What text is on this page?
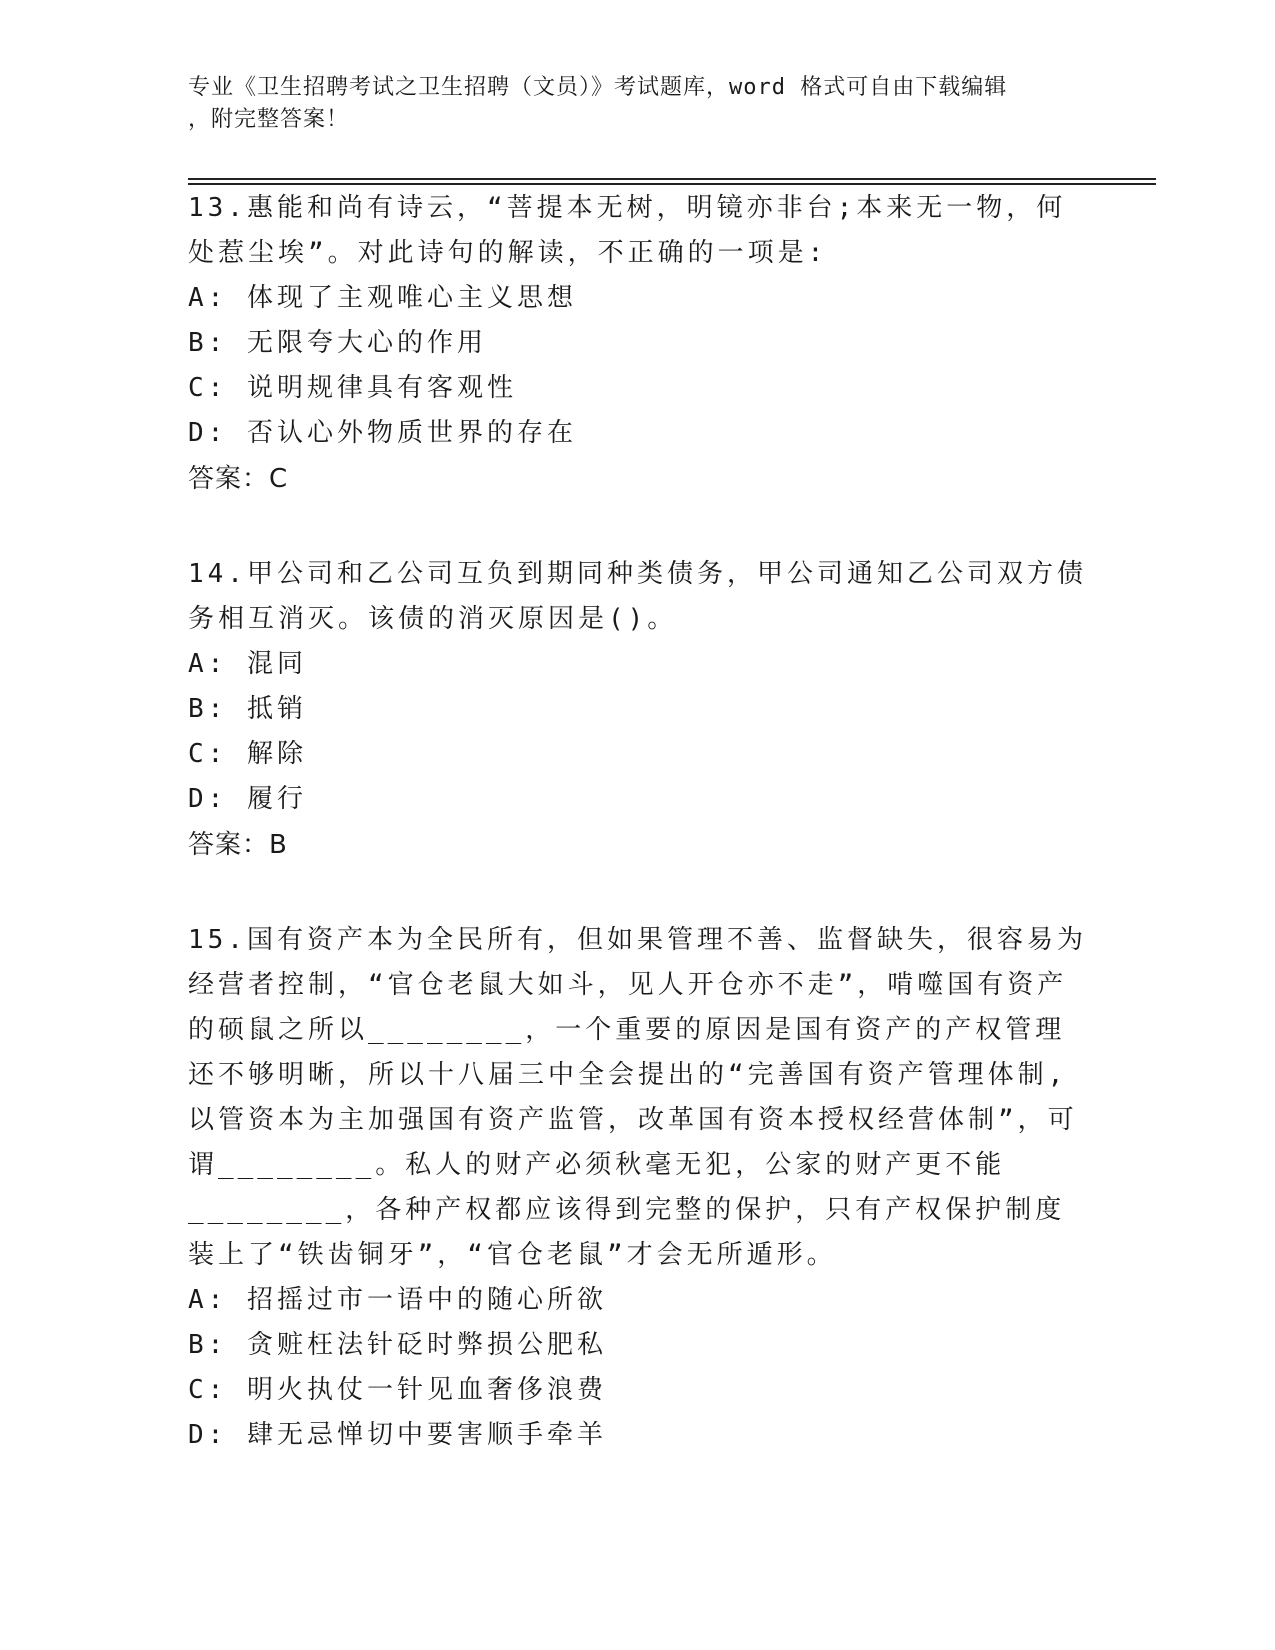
专业《卫生招聘考试之卫生招聘（文员）》考试题库，word 格式可自由下载编辑
，附完整答案！

13.惠能和尚有诗云，“菩提本无树，明镜亦非台;本来无一物，何处惹尘埃”。对此诗句的解读，不正确的一项是:

A: 体现了主观唯心主义思想

B: 无限夸大心的作用

C: 说明规律具有客观性

D: 否认心外物质世界的存在

答案：C

14.甲公司和乙公司互负到期同种类债务，甲公司通知乙公司双方债务相互消灭。该债的消灭原因是()。

A: 混同

B: 抵销

C: 解除

D: 履行

答案：B

15.国有资产本为全民所有，但如果管理不善、监督缺失，很容易为经营者控制，“官仓老鼠大如斗，见人开仓亦不走”，啃噬国有资产的硕鼠之所以________，一个重要的原因是国有资产的产权管理还不够明晰，所以十八届三中全会提出的“完善国有资产管理体制,以管资本为主加强国有资产监管，改革国有资本授权经营体制”，可谓________。私人的财产必须秋毫无犯，公家的财产更不能________，各种产权都应该得到完整的保护，只有产权保护制度装上了“铁齿铜牙”，“官仓老鼠”才会无所遁形。

A: 招摇过市一语中的随心所欲

B: 贪赃枉法针砭时弊损公肥私

C: 明火执仗一针见血奢侈浪费

D: 肆无忌惮切中要害顺手牵羊
